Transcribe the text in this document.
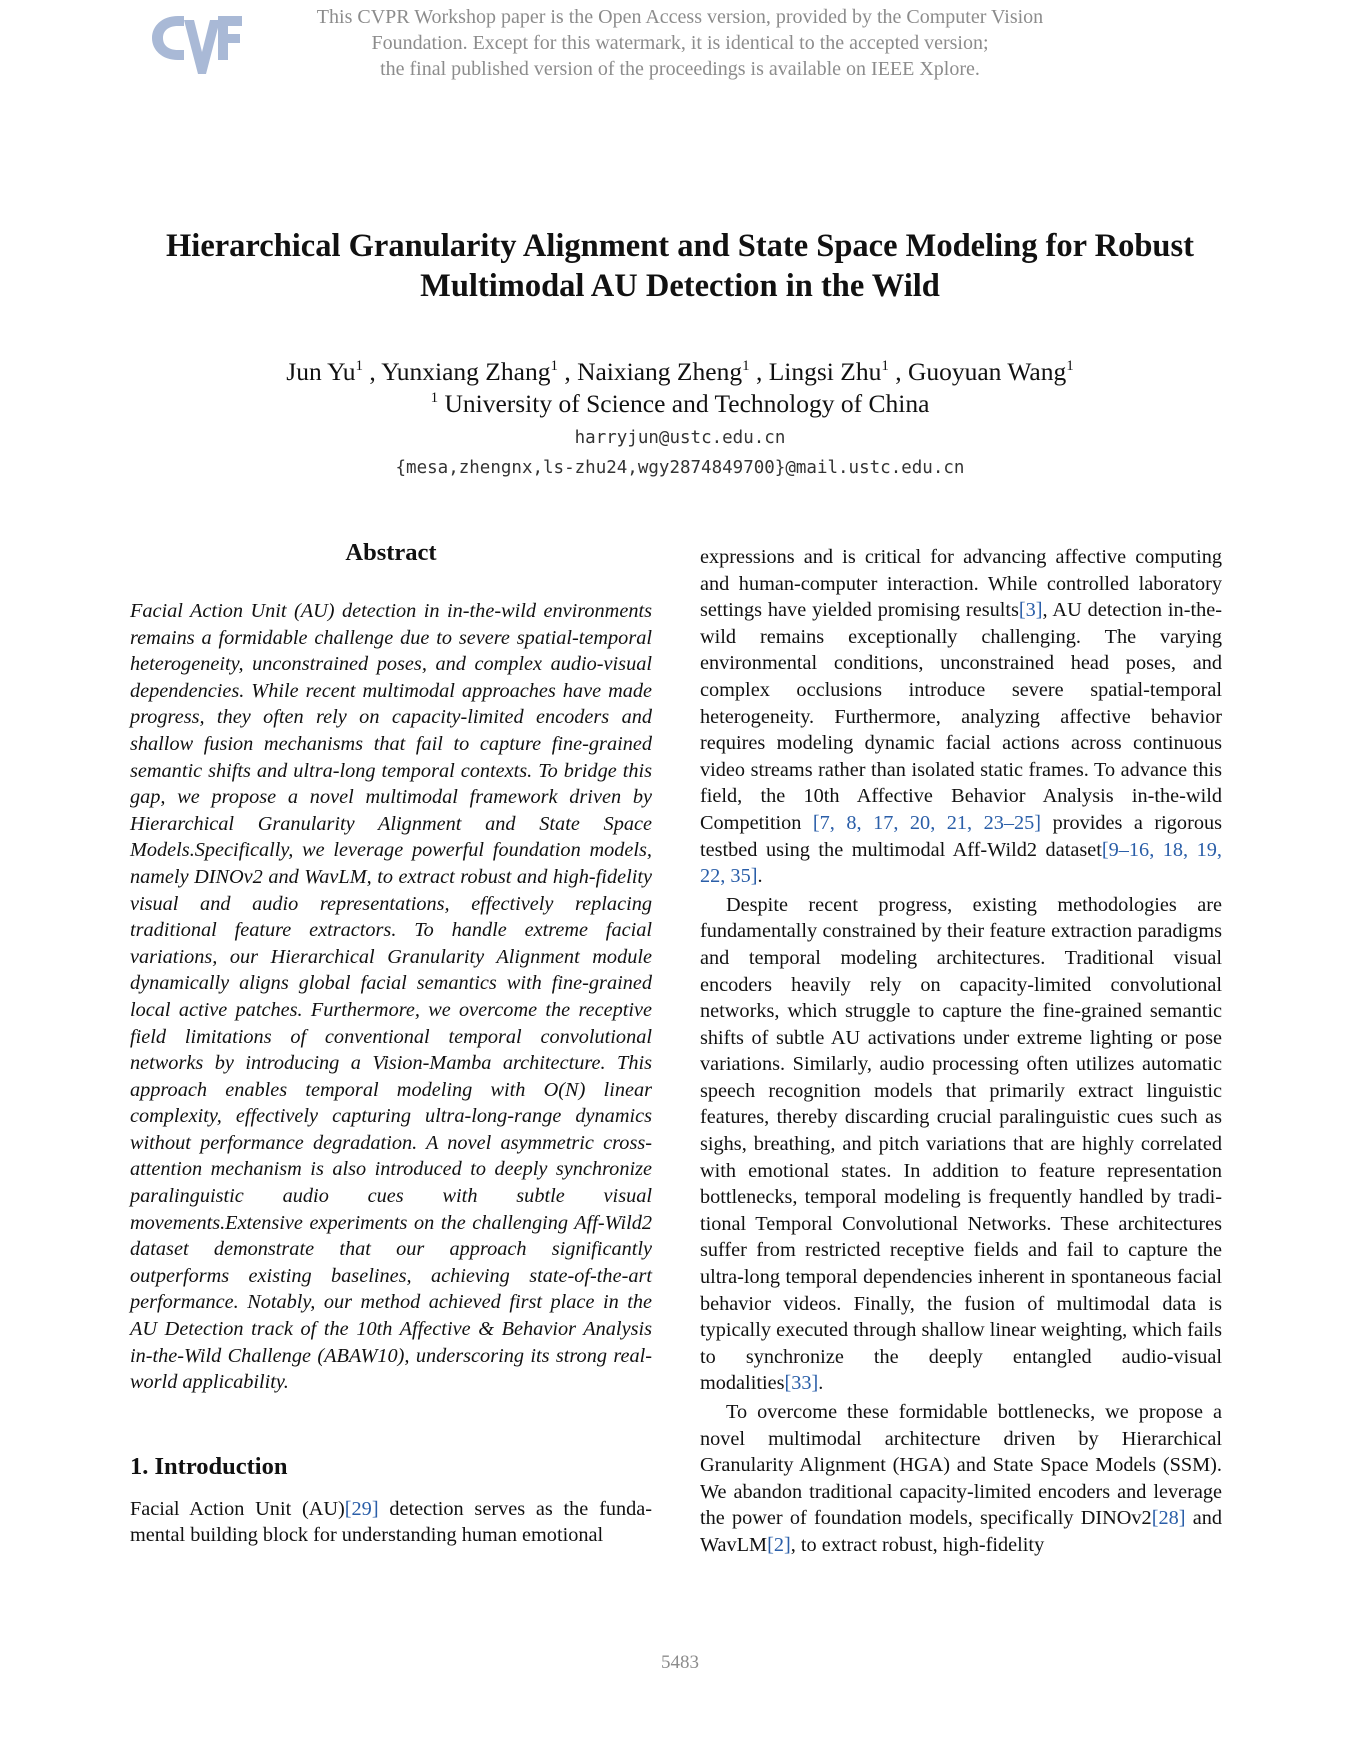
This CVPR Workshop paper is the Open Access version, provided by the Computer Vision
Foundation. Except for this watermark, it is identical to the accepted version;
the final published version of the proceedings is available on IEEE Xplore.
Hierarchical Granularity Alignment and State Space Modeling for Robust
Multimodal AU Detection in the Wild
Jun Yu$^1$ , Yunxiang Zhang$^1$ , Naixiang Zheng$^1$ , Lingsi Zhu$^1$ , Guoyuan Wang$^1$
$^1$ University of Science and Technology of China
harryjun@ustc.edu.cn
{mesa,zhengnx,ls-zhu24,wgy2874849700}@mail.ustc.edu.cn
Abstract

Facial Action Unit (AU) detection in in-the-wild environments remains a formidable challenge due to severe spatial-temporal heterogeneity, unconstrained poses, and complex audio-visual dependencies. While recent multimodal approaches have made progress, they often rely on capacity-limited encoders and shallow fusion mechanisms that fail to capture fine-grained semantic shifts and ultra-long temporal contexts. To bridge this gap, we propose a novel multimodal framework driven by Hierarchical Granularity Alignment and State Space Models.Specifically, we leverage powerful foundation models, namely DINOv2 and WavLM, to extract robust and high-fidelity visual and audio representations, effectively replacing traditional feature extractors. To handle extreme facial variations, our Hierarchical Granularity Alignment module dynamically aligns global facial semantics with fine-grained local active patches. Furthermore, we overcome the receptive field limitations of conventional temporal convolutional networks by introducing a Vision-Mamba architecture. This approach enables temporal modeling with O(N) linear complexity, effectively capturing ultra-long-range dynamics without performance degradation. A novel asymmetric cross-attention mechanism is also introduced to deeply synchronize paralinguistic audio cues with subtle visual movements.Extensive experiments on the challenging Aff-Wild2 dataset demonstrate that our approach significantly outperforms existing baselines, achieving state-of-the-art performance. Notably, our method achieved first place in the AU Detection track of the 10th Affective & Behavior Analysis in-the-Wild Challenge (ABAW10), underscoring its strong real-world applicability.

1. Introduction

Facial Action Unit (AU)[29] detection serves as the fundamental building block for understanding human emotional

expressions and is critical for advancing affective computing and human-computer interaction. While controlled laboratory settings have yielded promising results[3], AU detection in-the-wild remains exceptionally challenging. The varying environmental conditions, unconstrained head poses, and complex occlusions introduce severe spatial-temporal heterogeneity. Furthermore, analyzing affective behavior requires modeling dynamic facial actions across continuous video streams rather than isolated static frames. To advance this field, the 10th Affective Behavior Analysis in-the-wild Competition [7, 8, 17, 20, 21, 23–25] provides a rigorous testbed using the multimodal Aff-Wild2 dataset[9–16, 18, 19, 22, 35].

Despite recent progress, existing methodologies are fundamentally constrained by their feature extraction paradigms and temporal modeling architectures. Traditional visual encoders heavily rely on capacity-limited convolutional networks, which struggle to capture the fine-grained semantic shifts of subtle AU activations under extreme lighting or pose variations. Similarly, audio processing often utilizes automatic speech recognition models that primarily extract linguistic features, thereby discarding crucial paralinguistic cues such as sighs, breathing, and pitch variations that are highly correlated with emotional states. In addition to feature representation bottlenecks, temporal modeling is frequently handled by traditional Temporal Convolutional Networks. These architectures suffer from restricted receptive fields and fail to capture the ultra-long temporal dependencies inherent in spontaneous facial behavior videos. Finally, the fusion of multimodal data is typically executed through shallow linear weighting, which fails to synchronize the deeply entangled audio-visual modalities[33].

To overcome these formidable bottlenecks, we propose a novel multimodal architecture driven by Hierarchical Granularity Alignment (HGA) and State Space Models (SSM). We abandon traditional capacity-limited encoders and leverage the power of foundation models, specifically DINOv2[28] and WavLM[2], to extract robust, high-fidelity

5483
